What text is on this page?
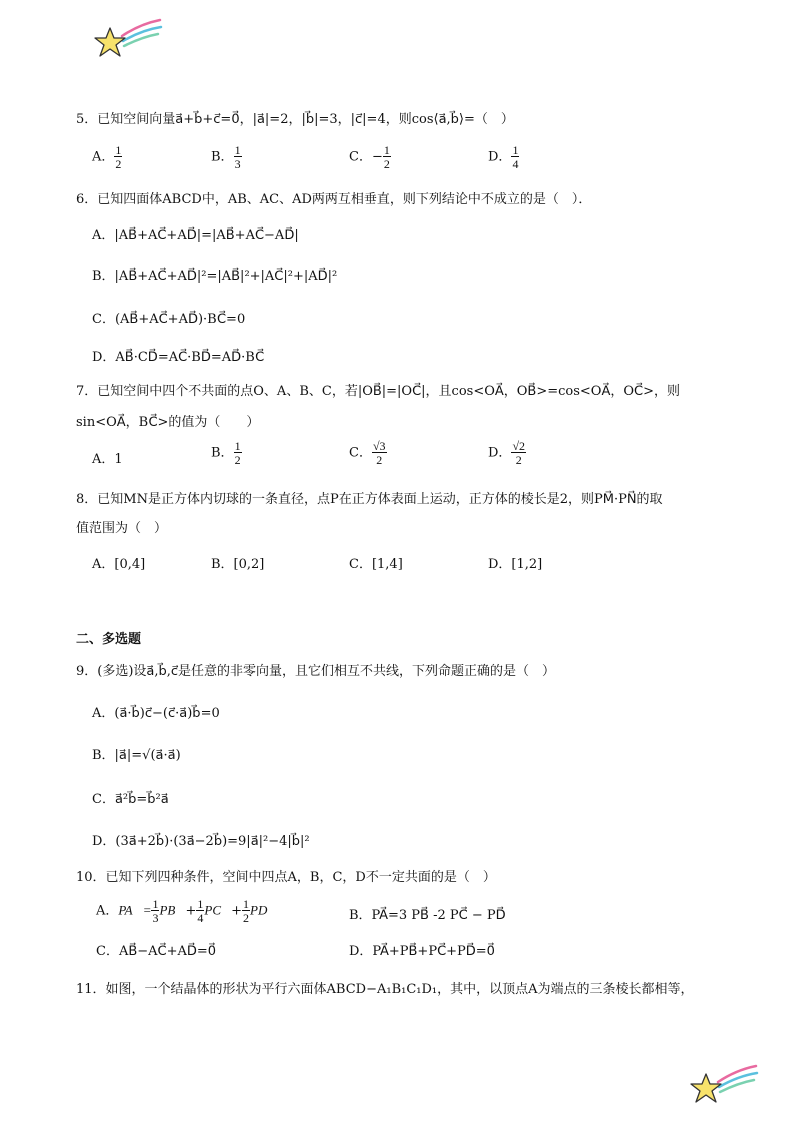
5．已知空间向量a⃗+b⃗+c⃗=0⃗，|a⃗|=2，|b⃗|=3，|c⃗|=4，则cos⟨a⃗,b⃗⟩=（　）
A． $\frac{1}{2}$	B． $\frac{1}{3}$	C．− $\frac{1}{2}$	D． $\frac{1}{4}$
6．已知四面体ABCD中，AB、AC、AD两两互相垂直，则下列结论中不成立的是（　）．
A．|AB⃗+AC⃗+AD⃗|=|AB⃗+AC⃗−AD⃗|
B．|AB⃗+AC⃗+AD⃗|²=|AB⃗|²+|AC⃗|²+|AD⃗|²
C．(AB⃗+AC⃗+AD⃗)·BC⃗=0
D．AB⃗·CD⃗=AC⃗·BD⃗=AD⃗·BC⃗
7．已知空间中四个不共面的点O、A、B、C，若|OB⃗|=|OC⃗|，且cos<OA⃗，OB⃗>=cos<OA⃗，OC⃗>，则
sin<OA⃗，BC⃗>的值为（　　）
A．1	B． $\frac{1}{2}$	C． $\frac{√3}{2}$	D． $\frac{√2}{2}$
8．已知MN是正方体内切球的一条直径，点P在正方体表面上运动，正方体的棱长是2，则PM⃗·PN⃗的取
值范围为（　）
A．[0,4]	B．[0,2]	C．[1,4]	D．[1,2]
二、多选题
9．(多选)设a⃗,b⃗,c⃗是任意的非零向量，且它们相互不共线，下列命题正确的是（　）
A．(a⃗·b⃗)c⃗−(c⃗·a⃗)b⃗=0
B．|a⃗|=√(a⃗·a⃗)
C．a⃗²b⃗=b⃗²a⃗
D．(3a⃗+2b⃗)·(3a⃗−2b⃗)=9|a⃗|²−4|b⃗|²
10．已知下列四种条件，空间中四点A，B，C，D不一定共面的是（　）
A．PA⃗= $\frac{1}{3}$ PB⃗+ $\frac{1}{4}$ PC⃗+ $\frac{1}{2}$ PD⃗	B．PA⃗=3 PB⃗ -2 PC⃗ − PD⃗
C．AB⃗−AC⃗+AD⃗=0⃗	D．PA⃗+PB⃗+PC⃗+PD⃗=0⃗
11．如图，一个结晶体的形状为平行六面体ABCD−A₁B₁C₁D₁，其中，以顶点A为端点的三条棱长都相等，
